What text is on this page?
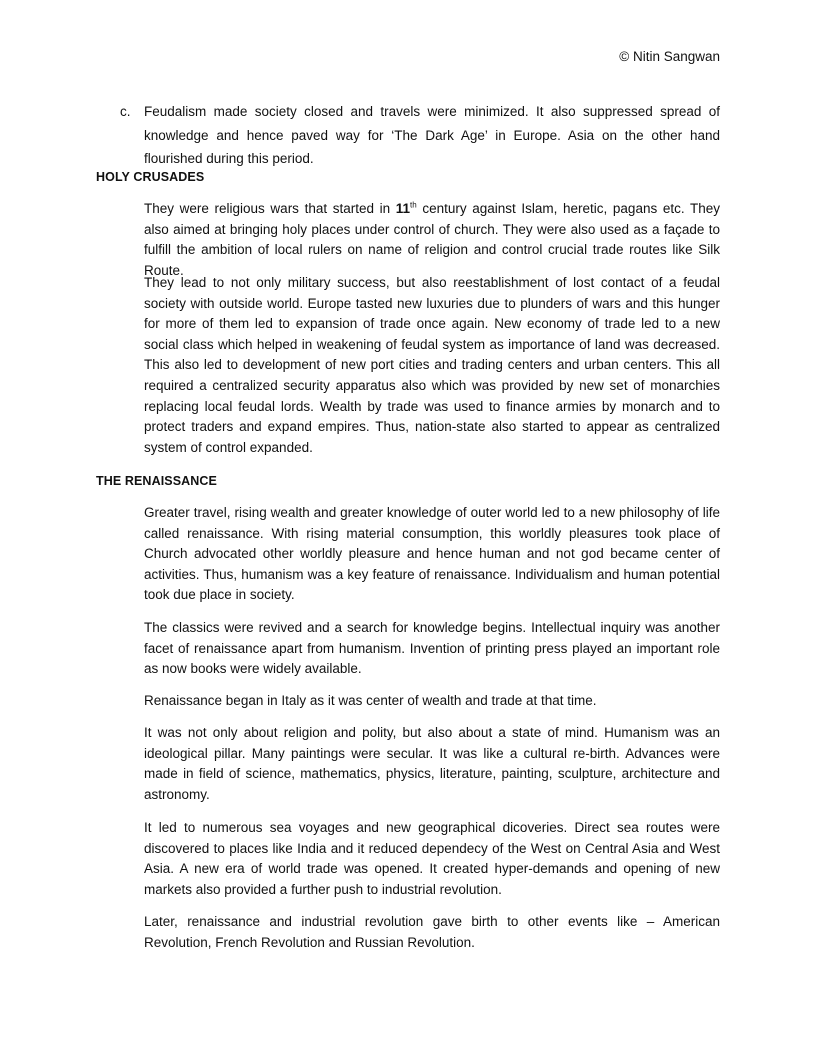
© Nitin Sangwan
c. Feudalism made society closed and travels were minimized. It also suppressed spread of knowledge and hence paved way for ‘The Dark Age’ in Europe. Asia on the other hand flourished during this period.
HOLY CRUSADES

They were religious wars that started in 11th century against Islam, heretic, pagans etc. They also aimed at bringing holy places under control of church. They were also used as a façade to fulfill the ambition of local rulers on name of religion and control crucial trade routes like Silk Route.

They lead to not only military success, but also reestablishment of lost contact of a feudal society with outside world. Europe tasted new luxuries due to plunders of wars and this hunger for more of them led to expansion of trade once again. New economy of trade led to a new social class which helped in weakening of feudal system as importance of land was decreased. This also led to development of new port cities and trading centers and urban centers. This all required a centralized security apparatus also which was provided by new set of monarchies replacing local feudal lords. Wealth by trade was used to finance armies by monarch and to protect traders and expand empires. Thus, nation-state also started to appear as centralized system of control expanded.

THE RENAISSANCE

Greater travel, rising wealth and greater knowledge of outer world led to a new philosophy of life called renaissance. With rising material consumption, this worldly pleasures took place of Church advocated other worldly pleasure and hence human and not god became center of activities. Thus, humanism was a key feature of renaissance. Individualism and human potential took due place in society.

The classics were revived and a search for knowledge begins. Intellectual inquiry was another facet of renaissance apart from humanism. Invention of printing press played an important role as now books were widely available.

Renaissance began in Italy as it was center of wealth and trade at that time.

It was not only about religion and polity, but also about a state of mind. Humanism was an ideological pillar. Many paintings were secular. It was like a cultural re-birth. Advances were made in field of science, mathematics, physics, literature, painting, sculpture, architecture and astronomy.

It led to numerous sea voyages and new geographical dicoveries. Direct sea routes were discovered to places like India and it reduced dependecy of the West on Central Asia and West Asia. A new era of world trade was opened. It created hyper-demands and opening of new markets also provided a further push to industrial revolution.

Later, renaissance and industrial revolution gave birth to other events like – American Revolution, French Revolution and Russian Revolution.
